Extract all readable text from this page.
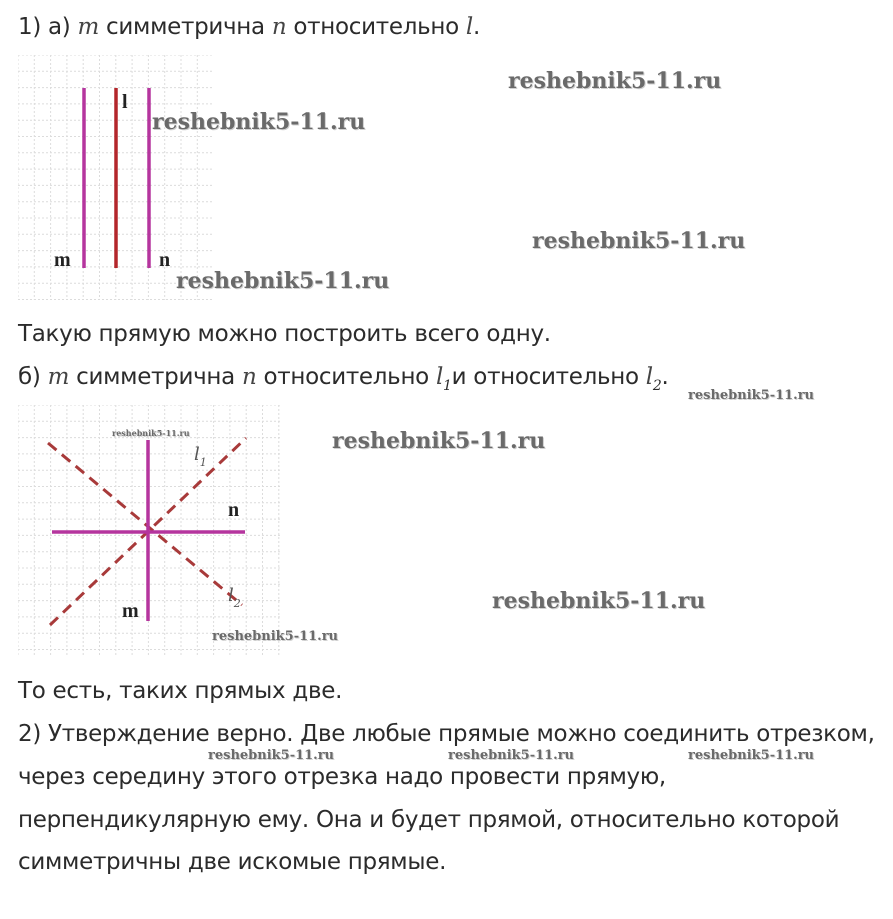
1) а) m симметрична n относительно l.
l
m	n
reshebnik5-11.ru
reshebnik5-11.ru
reshebnik5-11.ru
reshebnik5-11.ru
Такую прямую можно построить всего одну.
б) m симметрична n относительно $l_1и$ относительно $l_2$.
reshebnik5-11.ru
$l_1$
$l_2$
n
m
reshebnik5-11.ru	reshebnik5-11.ru
reshebnik5-11.ru
reshebnik5-11.ru
То есть, таких прямых две.
2) Утверждение верно. Две любые прямые можно соединить отрезком,
reshebnik5-11.ru	reshebnik5-11.ru	reshebnik5-11.ru
через середину этого отрезка надо провести прямую,
перпендикулярную ему. Она и будет прямой, относительно которой
симметричны две искомые прямые.
